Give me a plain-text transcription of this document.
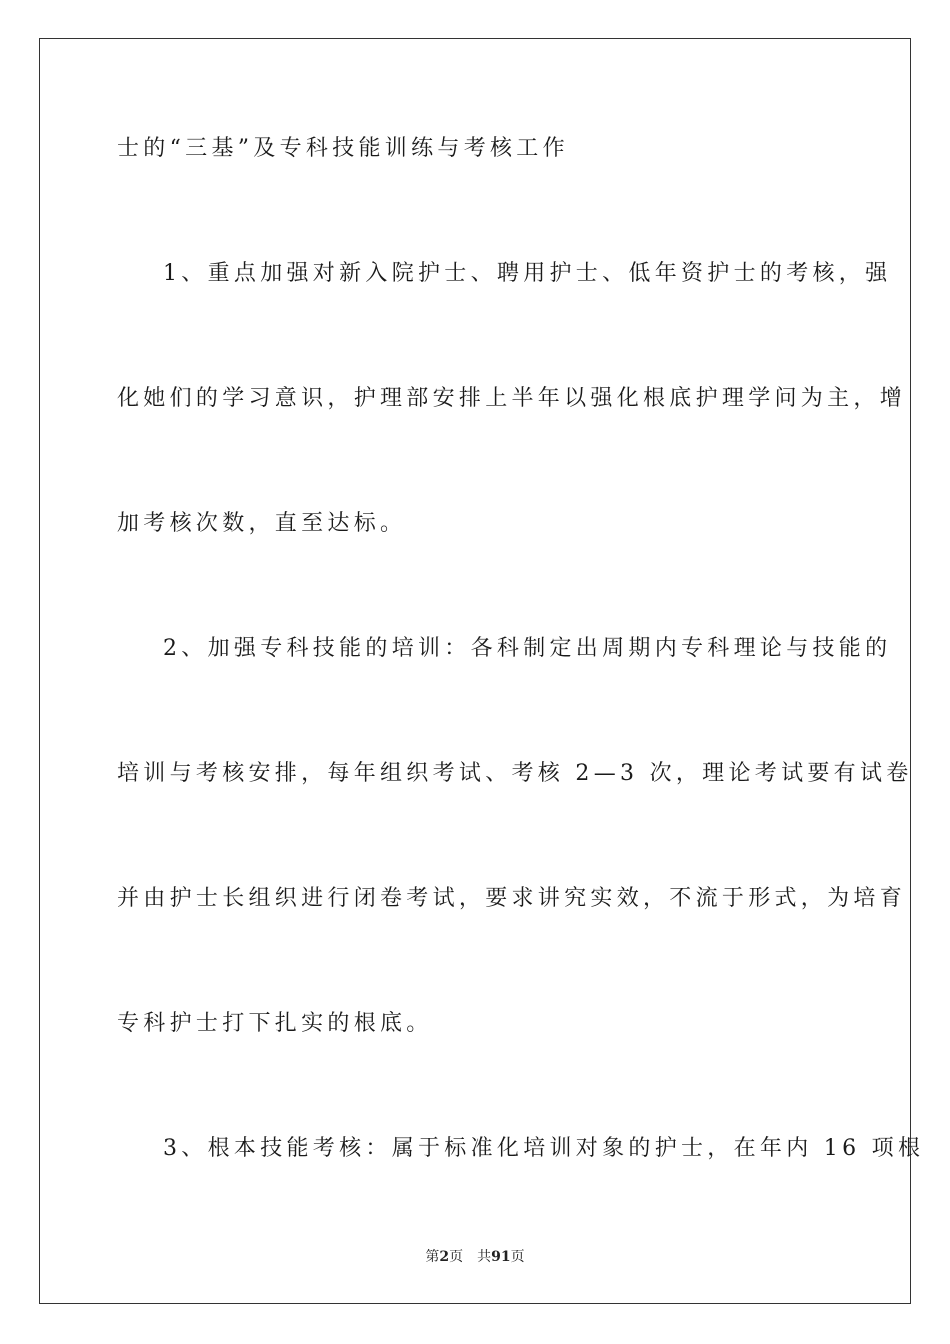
士的“三基”及专科技能训练与考核工作
1、重点加强对新入院护士、聘用护士、低年资护士的考核，强
化她们的学习意识，护理部安排上半年以强化根底护理学问为主，增
加考核次数，直至达标。
2、加强专科技能的培训：各科制定出周期内专科理论与技能的
培训与考核安排，每年组织考试、考核 2—3 次，理论考试要有试卷
并由护士长组织进行闭卷考试，要求讲究实效，不流于形式，为培育
专科护士打下扎实的根底。
3、根本技能考核：属于标准化培训对象的护士，在年内 16 项根
第2页 共91页
